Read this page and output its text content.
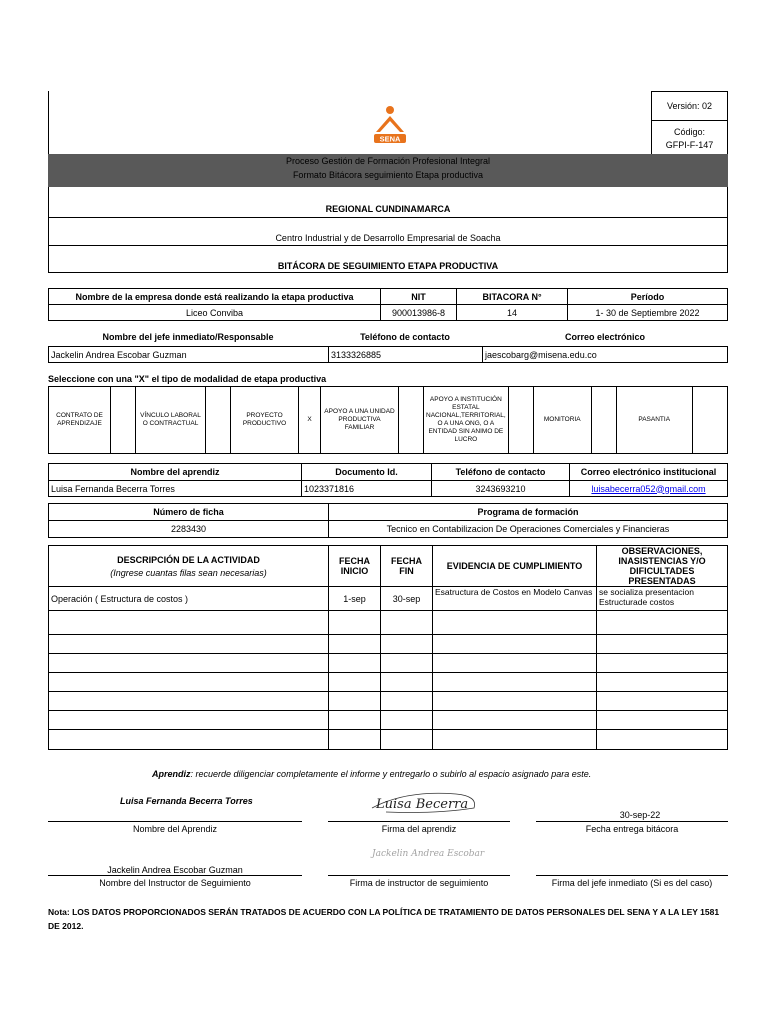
SENA
Versión: 02
Código:
GFPI-F-147
Proceso Gestión de Formación Profesional Integral
Formato Bitácora seguimiento Etapa productiva
REGIONAL CUNDINAMARCA
Centro Industrial y de Desarrollo Empresarial de Soacha
BITÁCORA DE SEGUIMIENTO ETAPA PRODUCTIVA
Nombre de la empresa donde está realizando la etapa productiva	NIT	BITACORA N°	Período
Liceo Conviba	900013986-8	14	1- 30 de Septiembre 2022
Nombre del jefe inmediato/Responsable	Teléfono de contacto	Correo electrónico
Jackelin Andrea Escobar Guzman	3133326885	jaescobarg@misena.edu.co
Seleccione con una "X" el tipo de modalidad de etapa productiva
CONTRATO DE APRENDIZAJE		VÍNCULO LABORAL O CONTRACTUAL		PROYECTO PRODUCTIVO	X	APOYO A UNA UNIDAD PRODUCTIVA FAMILIAR		APOYO A INSTITUCIÓN ESTATAL NACIONAL,TERRITORIAL, O A UNA ONG, O A ENTIDAD SIN ANIMO DE LUCRO		MONITORIA		PASANTIA	
Nombre del aprendiz	Documento Id.	Teléfono de contacto	Correo electrónico institucional
Luisa Fernanda Becerra Torres	1023371816	3243693210	luisabecerra052@gmail.com
Número de ficha	Programa de formación
2283430	Tecnico en Contabilizacion De Operaciones Comerciales y Financieras
DESCRIPCIÓN DE LA ACTIVIDAD
(Ingrese cuantas filas sean necesarias)	FECHA INICIO	FECHA FIN	EVIDENCIA DE CUMPLIMIENTO	OBSERVACIONES, INASISTENCIAS Y/O DIFICULTADES PRESENTADAS
Operación ( Estructura de costos )	1-sep	30-sep	Esatructura de Costos en Modelo Canvas	se socializa presentacion Estructurade costos

Aprendiz: recuerde diligenciar completamente el informe y entregarlo o subirlo al espacio asignado para este.
Luisa Fernanda Becerra Torres	Luisa Becerra
30-sep-22
Nombre del Aprendiz	Firma del aprendiz	Fecha entrega bitácora
Jackelin Andrea Escobar
Jackelin Andrea Escobar Guzman
Nombre del Instructor de Seguimiento	Firma de instructor de seguimiento	Firma del jefe inmediato (Si es del caso)
Nota: LOS DATOS PROPORCIONADOS SERÁN TRATADOS DE ACUERDO CON LA POLÍTICA DE TRATAMIENTO DE DATOS PERSONALES DEL SENA Y A LA LEY 1581 DE 2012.
